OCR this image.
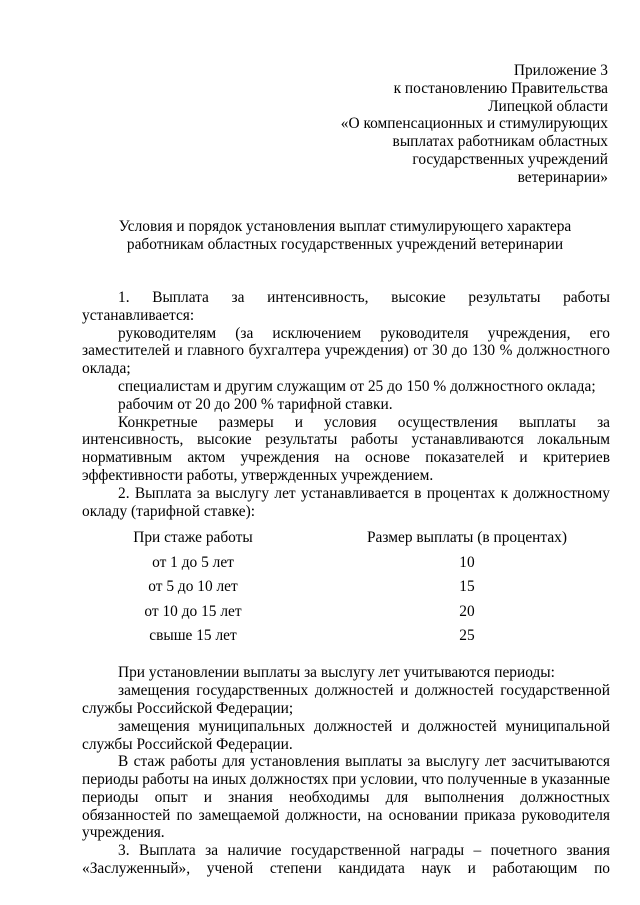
Приложение 3
к постановлению Правительства
Липецкой области
«О компенсационных и стимулирующих
выплатах работникам областных
государственных учреждений
ветеринарии»
Условия и порядок установления выплат стимулирующего характера работникам областных государственных учреждений ветеринарии

1. Выплата за интенсивность, высокие результаты работы устанавливается:

руководителям (за исключением руководителя учреждения, его заместителей и главного бухгалтера учреждения) от 30 до 130 % должностного оклада;

специалистам и другим служащим от 25 до 150 % должностного оклада;

рабочим от 20 до 200 % тарифной ставки.

Конкретные размеры и условия осуществления выплаты за интенсивность, высокие результаты работы устанавливаются локальным нормативным актом учреждения на основе показателей и критериев эффективности работы, утвержденных учреждением.

2. Выплата за выслугу лет устанавливается в процентах к должностному окладу (тарифной ставке):

При стаже работы	Размер выплаты (в процентах)
от 1 до 5 лет	10
от 5 до 10 лет	15
от 10 до 15 лет	20
свыше 15 лет	25

При установлении выплаты за выслугу лет учитываются периоды:

замещения государственных должностей и должностей государственной службы Российской Федерации;

замещения муниципальных должностей и должностей муниципальной службы Российской Федерации.

В стаж работы для установления выплаты за выслугу лет засчитываются периоды работы на иных должностях при условии, что полученные в указанные периоды опыт и знания необходимы для выполнения должностных обязанностей по замещаемой должности, на основании приказа руководителя учреждения.

3. Выплата за наличие государственной награды – почетного звания «Заслуженный», ученой степени кандидата наук и работающим по
